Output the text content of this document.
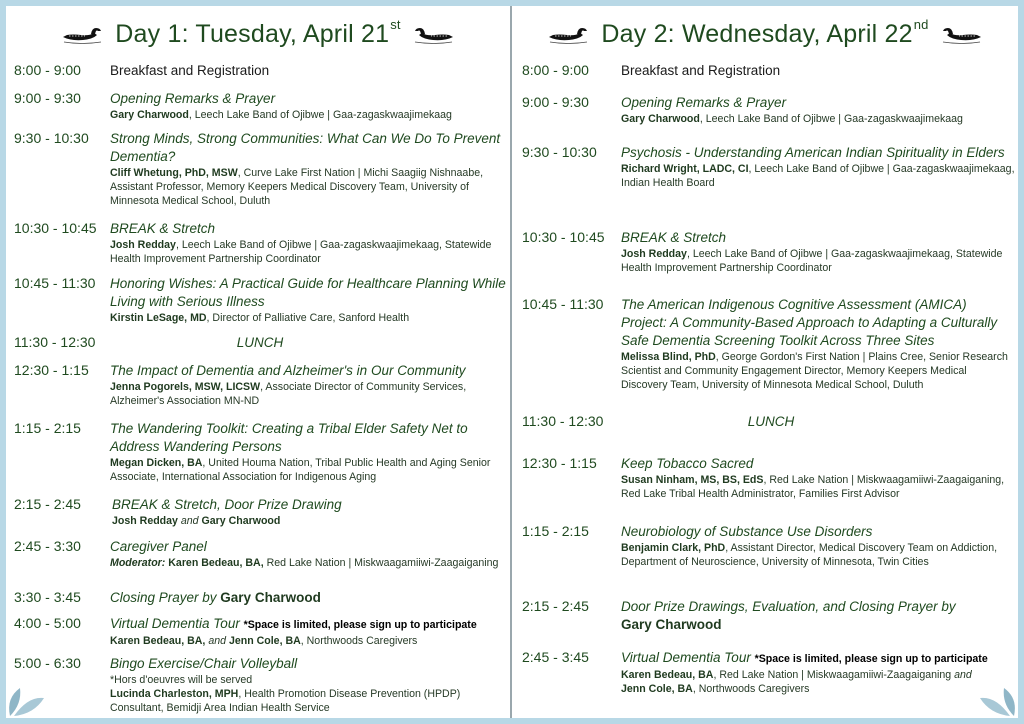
Day 1: Tuesday, April 21 st	Day 2: Wednesday, April 22 nd
8:00 - 9:00	Breakfast and Registration
9:00 - 9:30	Opening Remarks & Prayer
Gary Charwood, Leech Lake Band of Ojibwe | Gaa-zagaskwaajimekaag
9:30 - 10:30	Strong Minds, Strong Communities: What Can We Do To Prevent Dementia?
Cliff Whetung, PhD, MSW, Curve Lake First Nation | Michi Saagiig Nishnaabe, Assistant Professor, Memory Keepers Medical Discovery Team, University of Minnesota Medical School, Duluth
10:30 - 10:45 BREAK & Stretch
Josh Redday, Leech Lake Band of Ojibwe | Gaa-zagaskwaajimekaag, Statewide Health Improvement Partnership Coordinator
10:45 - 11:30	Honoring Wishes: A Practical Guide for Healthcare Planning While Living with Serious Illness
Kirstin LeSage, MD, Director of Palliative Care, Sanford Health
11:30 - 12:30	LUNCH
12:30 - 1:15	The Impact of Dementia and Alzheimer's in Our Community
Jenna Pogorels, MSW, LICSW, Associate Director of Community Services, Alzheimer's Association MN-ND
1:15 - 2:15	The Wandering Toolkit: Creating a Tribal Elder Safety Net to Address Wandering Persons
Megan Dicken, BA, United Houma Nation, Tribal Public Health and Aging Senior Associate, International Association for Indigenous Aging
2:15 - 2:45	BREAK & Stretch, Door Prize Drawing
Josh Redday and Gary Charwood
2:45 - 3:30	Caregiver Panel
Moderator: Karen Bedeau, BA, Red Lake Nation | Miskwaagamiiwi-Zaagaiganing
3:30 - 3:45	Closing Prayer by Gary Charwood
4:00 - 5:00	Virtual Dementia Tour *Space is limited, please sign up to participate
Karen Bedeau, BA, and Jenn Cole, BA, Northwoods Caregivers
5:00 - 6:30	Bingo Exercise/Chair Volleyball
*Hors d'oeuvres will be served
Lucinda Charleston, MPH, Health Promotion Disease Prevention (HPDP) Consultant, Bemidji Area Indian Health Service
8:00 - 9:00	Breakfast and Registration
9:00 - 9:30	Opening Remarks & Prayer
Gary Charwood, Leech Lake Band of Ojibwe | Gaa-zagaskwaajimekaag
9:30 - 10:30	Psychosis - Understanding American Indian Spirituality in Elders
Richard Wright, LADC, CI, Leech Lake Band of Ojibwe | Gaa-zagaskwaajimekaag, Indian Health Board
10:30 - 10:45	BREAK & Stretch
Josh Redday, Leech Lake Band of Ojibwe | Gaa-zagaskwaajimekaag, Statewide Health Improvement Partnership Coordinator
10:45 - 11:30	The American Indigenous Cognitive Assessment (AMICA) Project: A Community-Based Approach to Adapting a Culturally Safe Dementia Screening Toolkit Across Three Sites
Melissa Blind, PhD, George Gordon's First Nation | Plains Cree, Senior Research Scientist and Community Engagement Director, Memory Keepers Medical Discovery Team, University of Minnesota Medical School, Duluth
11:30 - 12:30	LUNCH
12:30 - 1:15	Keep Tobacco Sacred
Susan Ninham, MS, BS, EdS, Red Lake Nation | Miskwaagamiiwi-Zaagaiganing, Red Lake Tribal Health Administrator, Families First Advisor
1:15 - 2:15	Neurobiology of Substance Use Disorders
Benjamin Clark, PhD, Assistant Director, Medical Discovery Team on Addiction, Department of Neuroscience, University of Minnesota, Twin Cities
2:15 - 2:45	Door Prize Drawings, Evaluation, and Closing Prayer by Gary Charwood
2:45 - 3:45	Virtual Dementia Tour *Space is limited, please sign up to participate
Karen Bedeau, BA, Red Lake Nation | Miskwaagamiiwi-Zaagaiganing and
Jenn Cole, BA, Northwoods Caregivers
